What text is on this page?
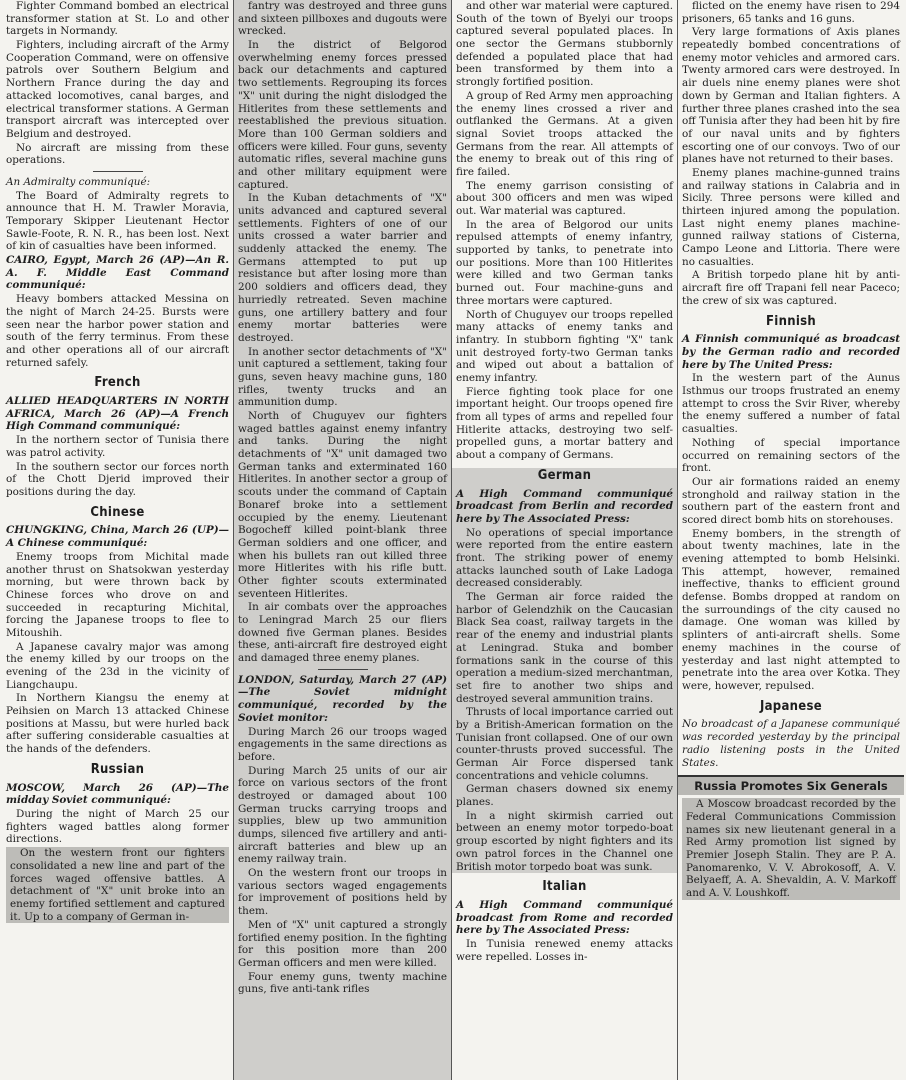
Fighter Command bombed an electrical transformer station at St. Lo and other targets in Normandy.

Fighters, including aircraft of the Army Cooperation Command, were on offensive patrols over Southern Belgium and Northern France during the day and attacked locomotives, canal barges, and electrical transformer stations. A German transport aircraft was intercepted over Belgium and destroyed.

No aircraft are missing from these operations.

An Admiralty communiqué:

The Board of Admiralty regrets to announce that H. M. Trawler Moravia, Temporary Skipper Lieutenant Hector Sawle-Foote, R. N. R., has been lost. Next of kin of casualties have been informed.

CAIRO, Egypt, March 26 (AP)—An R. A. F. Middle East Command communiqué:

Heavy bombers attacked Messina on the night of March 24-25. Bursts were seen near the harbor power station and south of the ferry terminus. From these and other operations all of our aircraft returned safely.

French

ALLIED HEADQUARTERS IN NORTH AFRICA, March 26 (AP)—A French High Command communiqué:

In the northern sector of Tunisia there was patrol activity.

In the southern sector our forces north of the Chott Djerid improved their positions during the day.

Chinese

CHUNGKING, China, March 26 (UP)—A Chinese communiqué:

Enemy troops from Michital made another thrust on Shatsokwan yesterday morning, but were thrown back by Chinese forces who drove on and succeeded in recapturing Michital, forcing the Japanese troops to flee to Mitoushih.

A Japanese cavalry major was among the enemy killed by our troops on the evening of the 23d in the vicinity of Liangchaupu.

In Northern Kiangsu the enemy at Peihsien on March 13 attacked Chinese positions at Massu, but were hurled back after suffering considerable casualties at the hands of the defenders.

Russian

MOSCOW, March 26 (AP)—The midday Soviet communiqué:

During the night of March 25 our fighters waged battles along former directions.

On the western front our fighters consolidated a new line and part of the forces waged offensive battles. A detachment of "X" unit broke into an enemy fortified settlement and captured it. Up to a company of German in-

fantry was destroyed and three guns and sixteen pillboxes and dugouts were wrecked.

In the district of Belgorod overwhelming enemy forces pressed back our detachments and captured two settlements. Regrouping its forces "X" unit during the night dislodged the Hitlerites from these settlements and reestablished the previous situation. More than 100 German soldiers and officers were killed. Four guns, seventy automatic rifles, several machine guns and other military equipment were captured.

In the Kuban detachments of "X" units advanced and captured several settlements. Fighters of one of our units crossed a water barrier and suddenly attacked the enemy. The Germans attempted to put up resistance but after losing more than 200 soldiers and officers dead, they hurriedly retreated. Seven machine guns, one artillery battery and four enemy mortar batteries were destroyed.

In another sector detachments of "X" unit captured a settlement, taking four guns, seven heavy machine guns, 180 rifles, twenty trucks and an ammunition dump.

North of Chuguyev our fighters waged battles against enemy infantry and tanks. During the night detachments of "X" unit damaged two German tanks and exterminated 160 Hitlerites. In another sector a group of scouts under the command of Captain Bonaref broke into a settlement occupied by the enemy. Lieutenant Bogocheff killed point-blank three German soldiers and one officer, and when his bullets ran out killed three more Hitlerites with his rifle butt. Other fighter scouts exterminated seventeen Hitlerites.

In air combats over the approaches to Leningrad March 25 our fliers downed five German planes. Besides these, anti-aircraft fire destroyed eight and damaged three enemy planes.

LONDON, Saturday, March 27 (AP)—The Soviet midnight communiqué, recorded by the Soviet monitor:

During March 26 our troops waged engagements in the same directions as before.

During March 25 units of our air force on various sectors of the front destroyed or damaged about 100 German trucks carrying troops and supplies, blew up two ammunition dumps, silenced five artillery and anti-aircraft batteries and blew up an enemy railway train.

On the western front our troops in various sectors waged engagements for improvement of positions held by them.

Men of "X" unit captured a strongly fortified enemy position. In the fighting for this position more than 200 German officers and men were killed.

Four enemy guns, twenty machine guns, five anti-tank rifles

and other war material were captured. South of the town of Byelyi our troops captured several populated places. In one sector the Germans stubbornly defended a populated place that had been transformed by them into a strongly fortified position.

A group of Red Army men approaching the enemy lines crossed a river and outflanked the Germans. At a given signal Soviet troops attacked the Germans from the rear. All attempts of the enemy to break out of this ring of fire failed.

The enemy garrison consisting of about 300 officers and men was wiped out. War material was captured.

In the area of Belgorod our units repulsed attempts of enemy infantry, supported by tanks, to penetrate into our positions. More than 100 Hitlerites were killed and two German tanks burned out. Four machine-guns and three mortars were captured.

North of Chuguyev our troops repelled many attacks of enemy tanks and infantry. In stubborn fighting "X" tank unit destroyed forty-two German tanks and wiped out about a battalion of enemy infantry.

Fierce fighting took place for one important height. Our troops opened fire from all types of arms and repelled four Hitlerite attacks, destroying two self-propelled guns, a mortar battery and about a company of Germans.

German

A High Command communiqué broadcast from Berlin and recorded here by The Associated Press:

No operations of special importance were reported from the entire eastern front. The striking power of enemy attacks launched south of Lake Ladoga decreased considerably.

The German air force raided the harbor of Gelendzhik on the Caucasian Black Sea coast, railway targets in the rear of the enemy and industrial plants at Leningrad. Stuka and bomber formations sank in the course of this operation a medium-sized merchantman, set fire to another two ships and destroyed several ammunition trains.

Thrusts of local importance carried out by a British-American formation on the Tunisian front collapsed. One of our own counter-thrusts proved successful. The German Air Force dispersed tank concentrations and vehicle columns.

German chasers downed six enemy planes.

In a night skirmish carried out between an enemy motor torpedo-boat group escorted by night fighters and its own patrol forces in the Channel one British motor torpedo boat was sunk.

Italian

A High Command communiqué broadcast from Rome and recorded here by The Associated Press:

In Tunisia renewed enemy attacks were repelled. Losses in-

flicted on the enemy have risen to 294 prisoners, 65 tanks and 16 guns.

Very large formations of Axis planes repeatedly bombed concentrations of enemy motor vehicles and armored cars. Twenty armored cars were destroyed. In air duels nine enemy planes were shot down by German and Italian fighters. A further three planes crashed into the sea off Tunisia after they had been hit by fire of our naval units and by fighters escorting one of our convoys. Two of our planes have not returned to their bases.

Enemy planes machine-gunned trains and railway stations in Calabria and in Sicily. Three persons were killed and thirteen injured among the population. Last night enemy planes machine-gunned railway stations of Cisterna, Campo Leone and Littoria. There were no casualties.

A British torpedo plane hit by anti-aircraft fire off Trapani fell near Paceco; the crew of six was captured.

Finnish

A Finnish communiqué as broadcast by the German radio and recorded here by The United Press:

In the western part of the Aunus Isthmus our troops frustrated an enemy attempt to cross the Svir River, whereby the enemy suffered a number of fatal casualties.

Nothing of special importance occurred on remaining sectors of the front.

Our air formations raided an enemy stronghold and railway station in the southern part of the eastern front and scored direct bomb hits on storehouses.

Enemy bombers, in the strength of about twenty machines, late in the evening attempted to bomb Helsinki. This attempt, however, remained ineffective, thanks to efficient ground defense. Bombs dropped at random on the surroundings of the city caused no damage. One woman was killed by splinters of anti-aircraft shells. Some enemy machines in the course of yesterday and last night attempted to penetrate into the area over Kotka. They were, however, repulsed.

Japanese

No broadcast of a Japanese communiqué was recorded yesterday by the principal radio listening posts in the United States.

Russia Promotes Six Generals

A Moscow broadcast recorded by the Federal Communications Commission names six new lieutenant general in a Red Army promotion list signed by Premier Joseph Stalin. They are P. A. Panomarenko, V. V. Abrokosoff, A. V. Belyaeff, A. A. Shevaldin, A. V. Markoff and A. V. Loushkoff.
